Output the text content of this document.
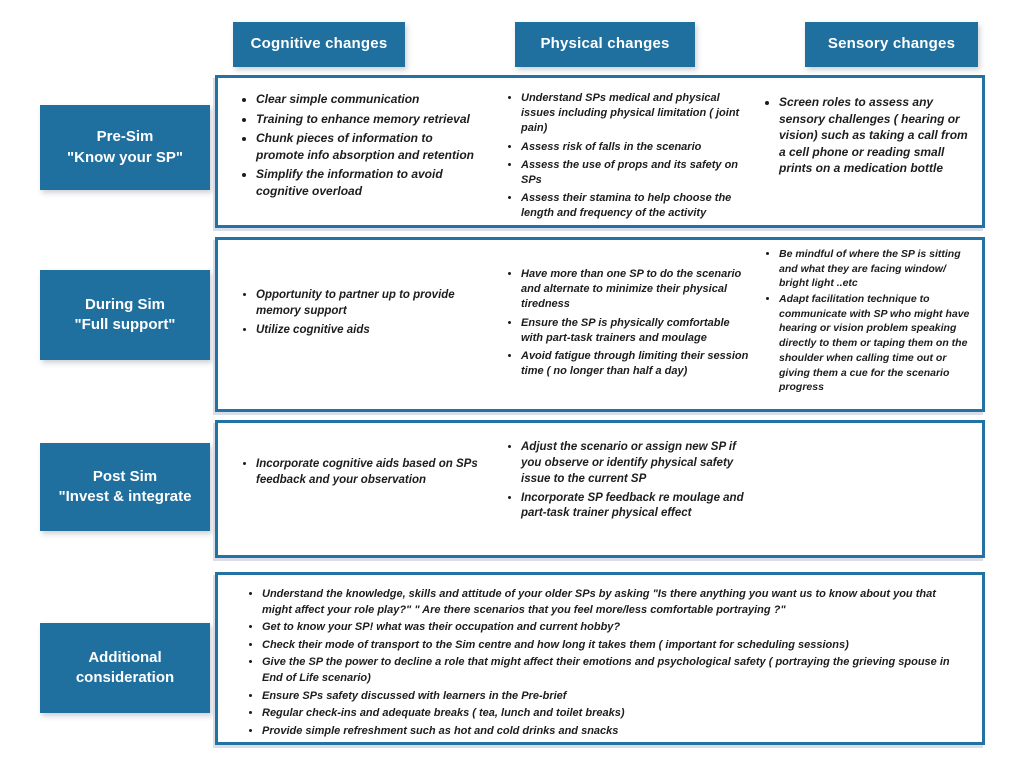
Cognitive changes	Physical changes	Sensory changes
Pre-Sim
"Know your SP"
During Sim
"Full support"
Post Sim
"Invest & integrate
Additional
consideration
• Clear simple communication
• Training to enhance memory retrieval
• Chunk pieces of information to promote info absorption and retention
• Simplify the information to avoid cognitive overload
• Understand SPs medical and physical issues including physical limitation ( joint pain)
• Assess risk of falls in the scenario
• Assess the use of props and its safety on SPs
• Assess their stamina to help choose the length and frequency of the activity
• Screen roles to assess any sensory challenges ( hearing or vision) such as taking a call from a cell phone or reading small prints on a medication bottle
• Opportunity to partner up to provide memory support
• Utilize cognitive aids
• Have more than one SP to do the scenario and alternate to minimize their physical tiredness
• Ensure the SP is physically comfortable with part-task trainers and moulage
• Avoid fatigue through limiting their session time ( no longer than half a day)
• Be mindful of where the SP is sitting and what they are facing window/ bright light ..etc
• Adapt facilitation technique to communicate with SP who might have hearing or vision problem speaking directly to them or taping them on the shoulder when calling time out or giving them a cue for the scenario progress
• Incorporate cognitive aids based on SPs feedback and your observation
• Adjust the scenario or assign new SP if you observe or identify physical safety issue to the current SP
• Incorporate SP feedback re moulage and part-task trainer physical effect
• Understand the knowledge, skills and attitude of your older SPs by asking "Is there anything you want us to know about you that might affect your role play?" " Are there scenarios that you feel more/less comfortable portraying ?"
• Get to know your SP! what was their occupation and current hobby?
• Check their mode of transport to the Sim centre and how long it takes them ( important for scheduling sessions)
• Give the SP the power to decline a role that might affect their emotions and psychological safety ( portraying the grieving spouse in End of Life scenario)
• Ensure SPs safety discussed with learners in the Pre-brief
• Regular check-ins and adequate breaks ( tea, lunch and toilet breaks)
• Provide simple refreshment such as hot and cold drinks and snacks
